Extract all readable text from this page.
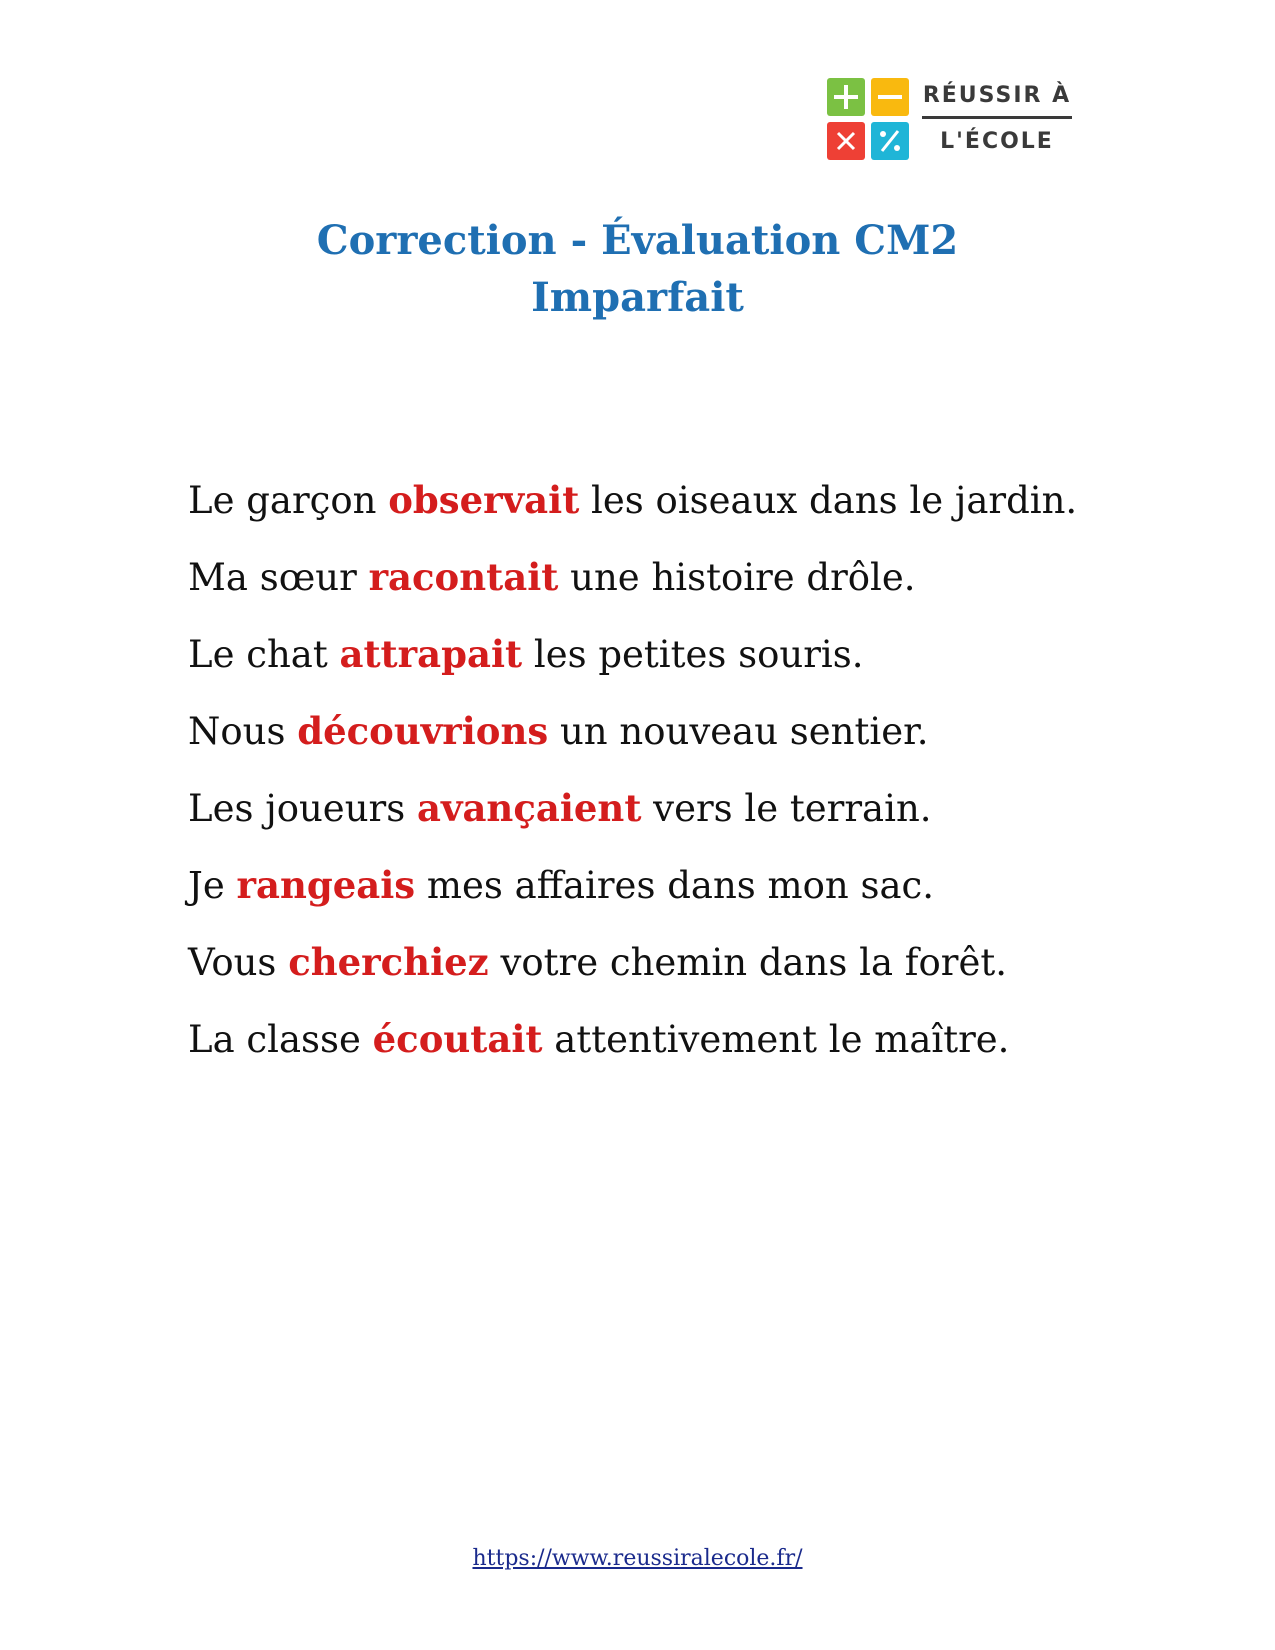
RÉUSSIR À
L'ÉCOLE
Correction - Évaluation CM2
Imparfait
Le garçon observait les oiseaux dans le jardin.
Ma sœur racontait une histoire drôle.
Le chat attrapait les petites souris.
Nous découvrions un nouveau sentier.
Les joueurs avançaient vers le terrain.
Je rangeais mes affaires dans mon sac.
Vous cherchiez votre chemin dans la forêt.
La classe écoutait attentivement le maître.
https://www.reussiralecole.fr/
